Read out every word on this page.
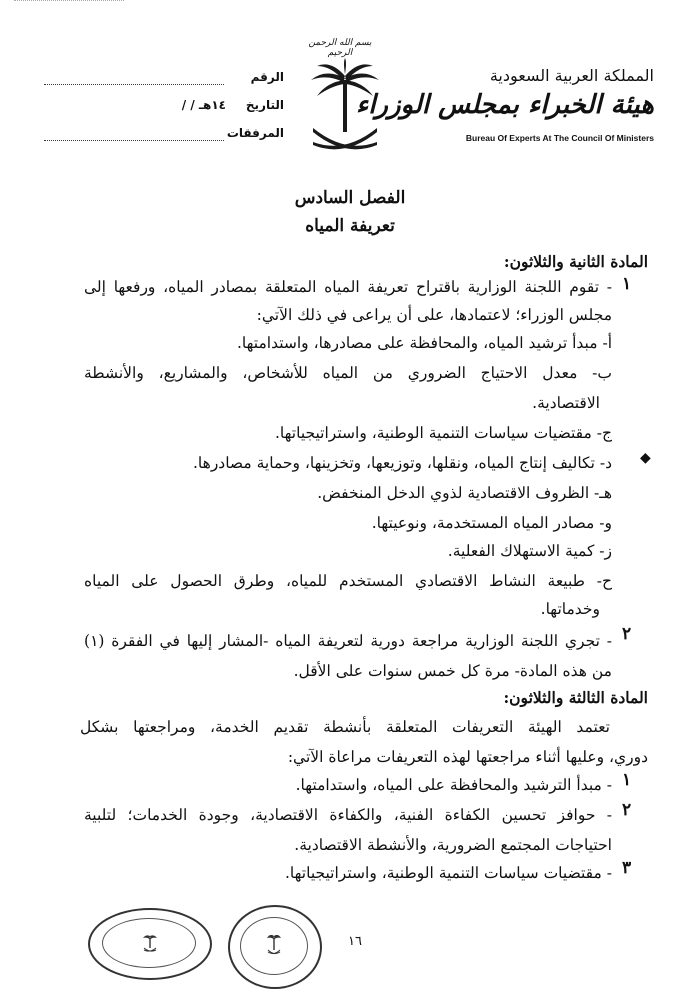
بسم الله الرحمن الرحيم
الرقم
التاريخ
/ / ١٤هـ
المرفقات
المملكة العربية السعودية
هيئة الخبراء بمجلس الوزراء
Bureau Of Experts At The Council Of Ministers
الفصل السادس
تعريفة المياه
المادة الثانية والثلاثون:
١
- تقوم اللجنة الوزارية باقتراح تعريفة المياه المتعلقة بمصادر المياه، ورفعها إلى
مجلس الوزراء؛ لاعتمادها، على أن يراعى في ذلك الآتي:
أ- مبدأ ترشيد المياه، والمحافظة على مصادرها، واستدامتها.
ب- معدل الاحتياج الضروري من المياه للأشخاص، والمشاريع، والأنشطة
الاقتصادية.
ج- مقتضيات سياسات التنمية الوطنية، واستراتيجياتها.
د- تكاليف إنتاج المياه، ونقلها، وتوزيعها، وتخزينها، وحماية مصادرها. ◆
هـ- الظروف الاقتصادية لذوي الدخل المنخفض.
و- مصادر المياه المستخدمة، ونوعيتها.
ز- كمية الاستهلاك الفعلية.
ح- طبيعة النشاط الاقتصادي المستخدم للمياه، وطرق الحصول على المياه
وخدماتها.
٢
- تجري اللجنة الوزارية مراجعة دورية لتعريفة المياه -المشار إليها في الفقرة (١)
من هذه المادة- مرة كل خمس سنوات على الأقل.
المادة الثالثة والثلاثون:
تعتمد الهيئة التعريفات المتعلقة بأنشطة تقديم الخدمة، ومراجعتها بشكل
دوري، وعليها أثناء مراجعتها لهذه التعريفات مراعاة الآتي:
١
- مبدأ الترشيد والمحافظة على المياه، واستدامتها.
٢
- حوافز تحسين الكفاءة الفنية، والكفاءة الاقتصادية، وجودة الخدمات؛ لتلبية
احتياجات المجتمع الضرورية، والأنشطة الاقتصادية.
٣
- مقتضيات سياسات التنمية الوطنية، واستراتيجياتها.
١٦
